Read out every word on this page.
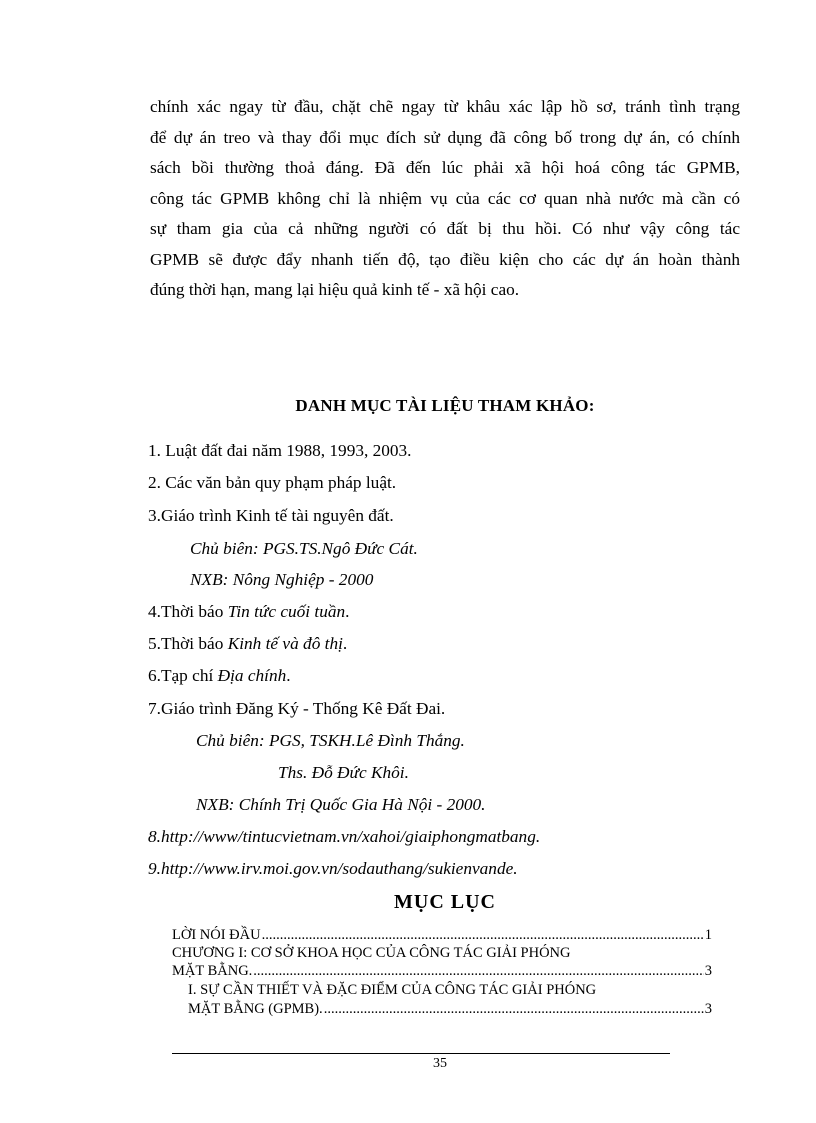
chính xác ngay từ đầu, chặt chẽ ngay từ khâu xác lập hồ sơ, tránh tình trạng
để dự án treo và thay đổi mục đích sử dụng đã công bố trong dự án, có chính
sách bồi thường thoả đáng. Đã đến lúc phải xã hội hoá công tác GPMB,
công tác GPMB không chỉ là nhiệm vụ của các cơ quan nhà nước mà cần có
sự tham gia của cả những người có đất bị thu hồi. Có như vậy công tác
GPMB sẽ được đẩy nhanh tiến độ, tạo điều kiện cho các dự án hoàn thành
đúng thời hạn, mang lại hiệu quả kinh tế - xã hội cao.
DANH MỤC TÀI LIỆU THAM KHẢO:
1. Luật đất đai năm 1988, 1993, 2003.
2. Các văn bản quy phạm pháp luật.
3.Giáo trình Kinh tế tài nguyên đất.
Chủ biên: PGS.TS.Ngô Đức Cát.
NXB: Nông Nghiệp - 2000
4.Thời báo Tin tức cuối tuần.
5.Thời báo Kinh tế và đô thị.
6.Tạp chí Địa chính.
7.Giáo trình Đăng Ký - Thống Kê Đất Đai.
Chủ biên: PGS, TSKH.Lê Đình Thắng.
Ths. Đỗ Đức Khôi.
NXB: Chính Trị Quốc Gia Hà Nội - 2000.
8.http://www/tintucvietnam.vn/xahoi/giaiphongmatbang.
9.http://www.irv.moi.gov.vn/sodauthang/sukienvande.
MỤC LỤC
LỜI NÓI ĐẦU .....	1
CHƯƠNG I: CƠ SỞ KHOA HỌC CỦA CÔNG TÁC GIẢI PHÓNG
MẶT BẰNG. .....	3
I. SỰ CẦN THIẾT VÀ ĐẶC ĐIỂM CỦA CÔNG TÁC GIẢI PHÓNG
MẶT BẰNG (GPMB). .....	3
35
